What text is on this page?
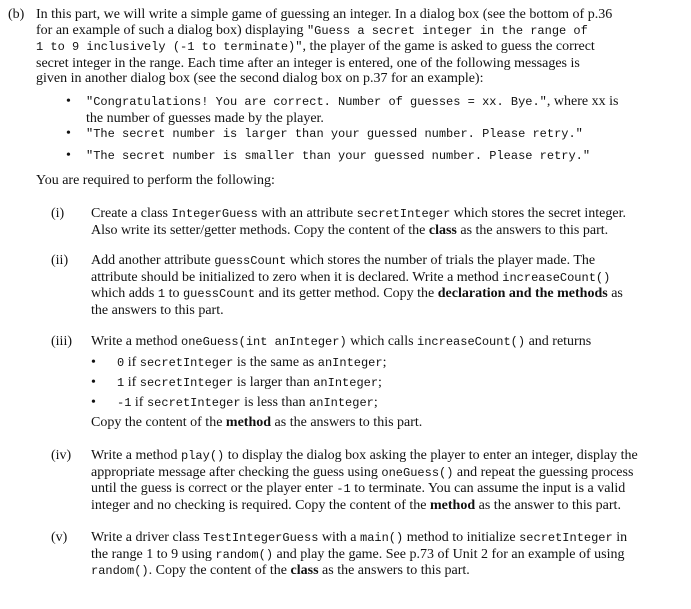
(b) In this part, we will write a simple game of guessing an integer. In a dialog box (see the bottom of p.36
for an example of such a dialog box) displaying "Guess a secret integer in the range of
1 to 9 inclusively (-1 to terminate)", the player of the game is asked to guess the correct
secret integer in the range. Each time after an integer is entered, one of the following messages is
given in another dialog box (see the second dialog box on p.37 for an example):
• "Congratulations! You are correct. Number of guesses = xx. Bye.", where xx is
the number of guesses made by the player.
• "The secret number is larger than your guessed number. Please retry."
• "The secret number is smaller than your guessed number. Please retry."
You are required to perform the following:
(i) Create a class IntegerGuess with an attribute secretInteger which stores the secret integer.
Also write its setter/getter methods. Copy the content of the class as the answers to this part.
(ii) Add another attribute guessCount which stores the number of trials the player made. The
attribute should be initialized to zero when it is declared. Write a method increaseCount()
which adds 1 to guessCount and its getter method. Copy the declaration and the methods as
the answers to this part.
(iii) Write a method oneGuess(int anInteger) which calls increaseCount() and returns
• 0 if secretInteger is the same as anInteger;
• 1 if secretInteger is larger than anInteger;
• -1 if secretInteger is less than anInteger;
Copy the content of the method as the answers to this part.
(iv) Write a method play() to display the dialog box asking the player to enter an integer, display the
appropriate message after checking the guess using oneGuess() and repeat the guessing process
until the guess is correct or the player enter -1 to terminate. You can assume the input is a valid
integer and no checking is required. Copy the content of the method as the answer to this part.
(v) Write a driver class TestIntegerGuess with a main() method to initialize secretInteger in
the range 1 to 9 using random() and play the game. See p.73 of Unit 2 for an example of using
random(). Copy the content of the class as the answers to this part.
